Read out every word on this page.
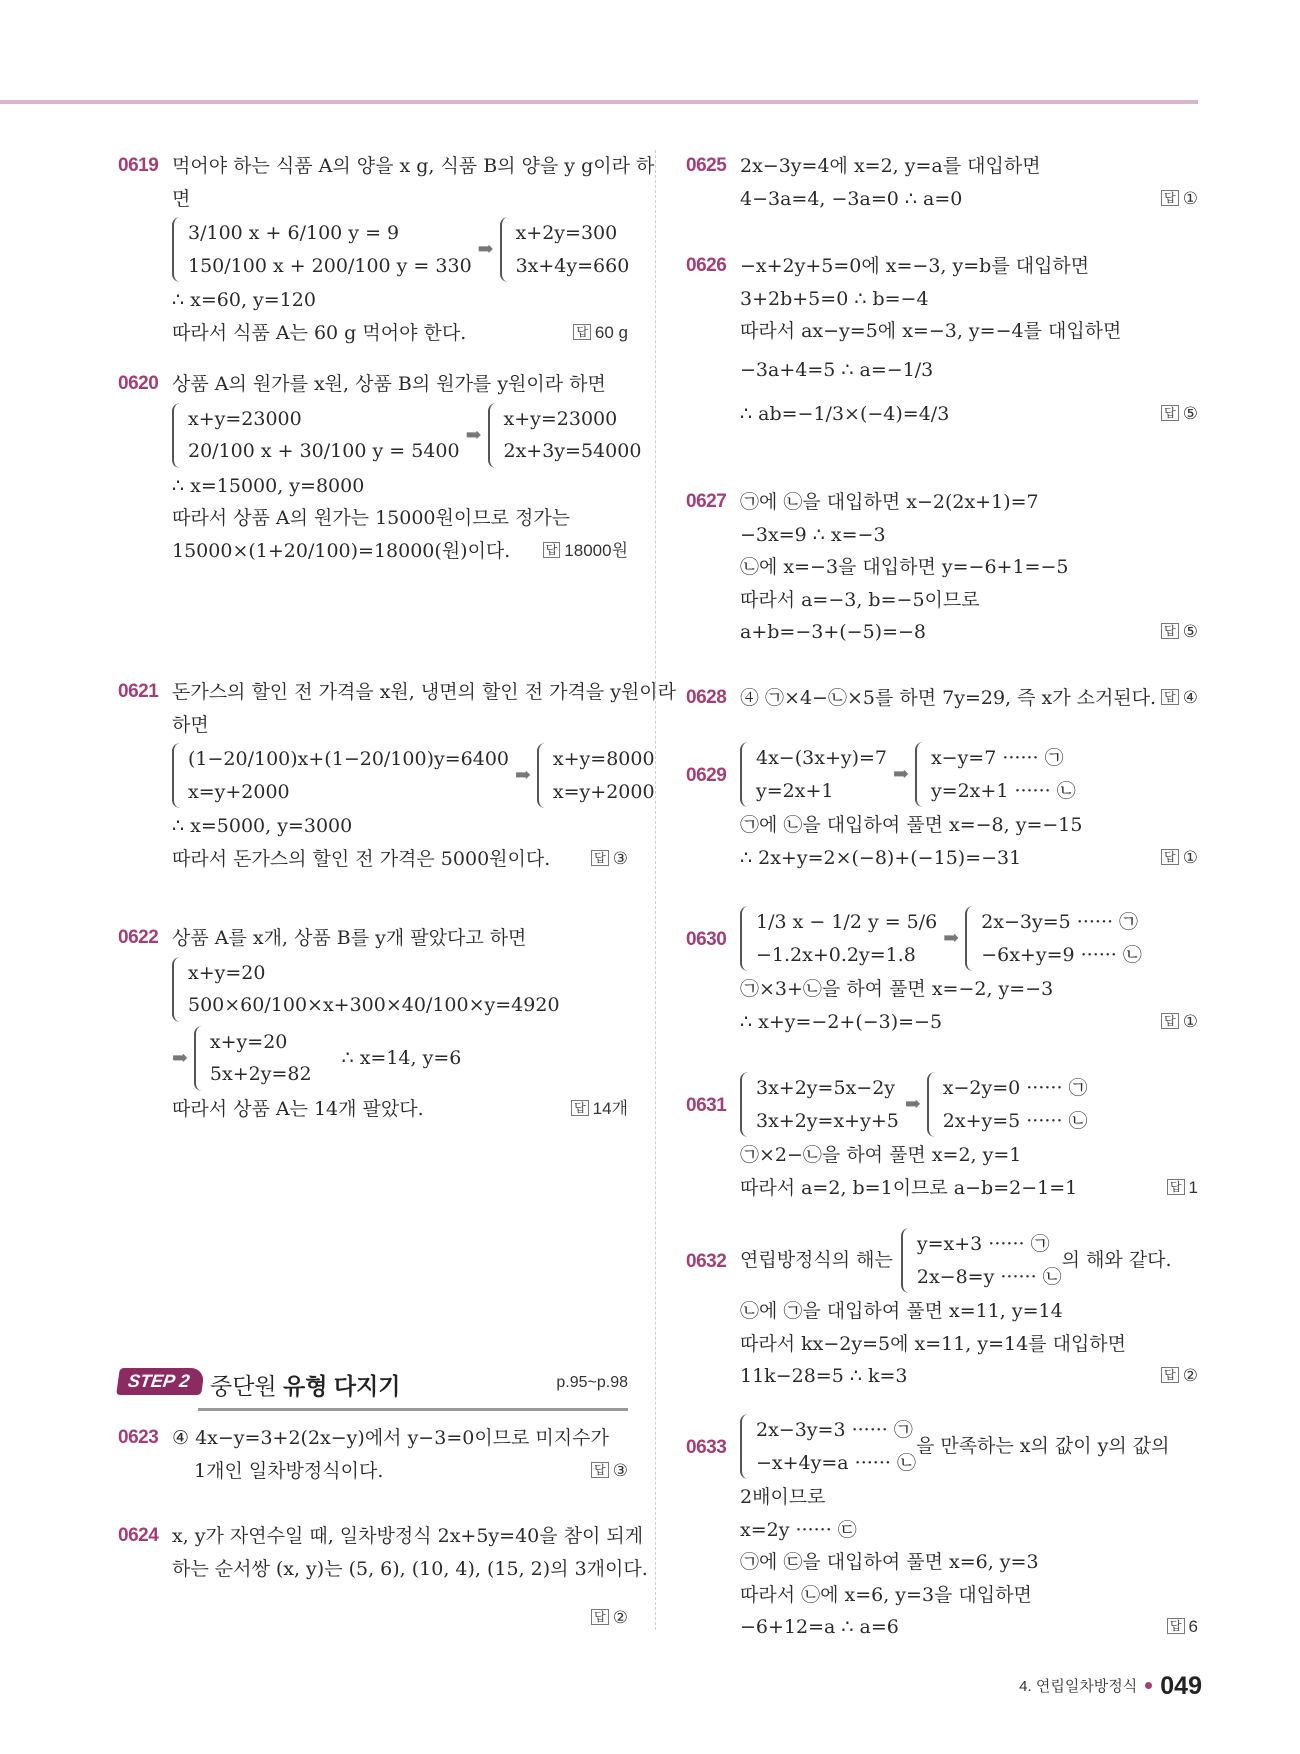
0619 먹어야 하는 식품 A의 양을 x g, 식품 B의 양을 y g이라 하
면
3/100 x + 6/100 y = 9
150/100 x + 200/100 y = 330
➡
x+2y=300
3x+4y=660
∴ x=60, y=120
따라서 식품 A는 60 g 먹어야 한다.	답 60 g
0620 상품 A의 원가를 x원, 상품 B의 원가를 y원이라 하면
x+y=23000
20/100 x + 30/100 y = 5400
➡
x+y=23000
2x+3y=54000
∴ x=15000, y=8000
따라서 상품 A의 원가는 15000원이므로 정가는
15000×(1+20/100)=18000(원)이다.	답 18000원
0621 돈가스의 할인 전 가격을 x원, 냉면의 할인 전 가격을 y원이라
하면
(1−20/100)x+(1−20/100)y=6400
x=y+2000
➡
x+y=8000
x=y+2000
∴ x=5000, y=3000
따라서 돈가스의 할인 전 가격은 5000원이다.	답 ③
0622 상품 A를 x개, 상품 B를 y개 팔았다고 하면
x+y=20
500×60/100×x+300×40/100×y=4920
➡
x+y=20
5x+2y=82
∴ x=14, y=6
따라서 상품 A는 14개 팔았다.	답 14개
0623 ④ 4x−y=3+2(2x−y)에서 y−3=0이므로 미지수가
1개인 일차방정식이다.	답 ③
0624 x, y가 자연수일 때, 일차방정식 2x+5y=40을 참이 되게
하는 순서쌍 (x, y)는 (5, 6), (10, 4), (15, 2)의 3개이다.
답 ②
STEP 2 중단원 유형 다지기	p.95~p.98
0625 2x−3y=4에 x=2, y=a를 대입하면
4−3a=4, −3a=0 ∴ a=0	답 ①
0626 −x+2y+5=0에 x=−3, y=b를 대입하면
3+2b+5=0 ∴ b=−4
따라서 ax−y=5에 x=−3, y=−4를 대입하면
−3a+4=5 ∴ a=−1/3
∴ ab=−1/3×(−4)=4/3	답 ⑤
0627 ㉠에 ㉡을 대입하면 x−2(2x+1)=7
−3x=9 ∴ x=−3
㉡에 x=−3을 대입하면 y=−6+1=−5
따라서 a=−3, b=−5이므로
a+b=−3+(−5)=−8	답 ⑤
0628 ④ ㉠×4−㉡×5를 하면 7y=29, 즉 x가 소거된다. 답 ④
0629
4x−(3x+y)=7
y=2x+1
➡
x−y=7 ······ ㉠
y=2x+1 ······ ㉡
㉠에 ㉡을 대입하여 풀면 x=−8, y=−15
∴ 2x+y=2×(−8)+(−15)=−31	답 ①
0630
1/3 x − 1/2 y = 5/6
−1.2x+0.2y=1.8
➡
2x−3y=5 ······ ㉠
−6x+y=9 ······ ㉡
㉠×3+㉡을 하여 풀면 x=−2, y=−3
∴ x+y=−2+(−3)=−5	답 ①
0631
3x+2y=5x−2y
3x+2y=x+y+5
➡
x−2y=0 ······ ㉠
2x+y=5 ······ ㉡
㉠×2−㉡을 하여 풀면 x=2, y=1
따라서 a=2, b=1이므로 a−b=2−1=1	답 1
0632 연립방정식의 해는
y=x+3 ······ ㉠
2x−8=y ······ ㉡
의 해와 같다.
㉡에 ㉠을 대입하여 풀면 x=11, y=14
따라서 kx−2y=5에 x=11, y=14를 대입하면
11k−28=5 ∴ k=3	답 ②
0633
2x−3y=3 ······ ㉠
−x+4y=a ······ ㉡
을 만족하는 x의 값이 y의 값의
2배이므로
x=2y ······ ㉢
㉠에 ㉢을 대입하여 풀면 x=6, y=3
따라서 ㉡에 x=6, y=3을 대입하면
−6+12=a ∴ a=6	답 6
4. 연립일차방정식 049
